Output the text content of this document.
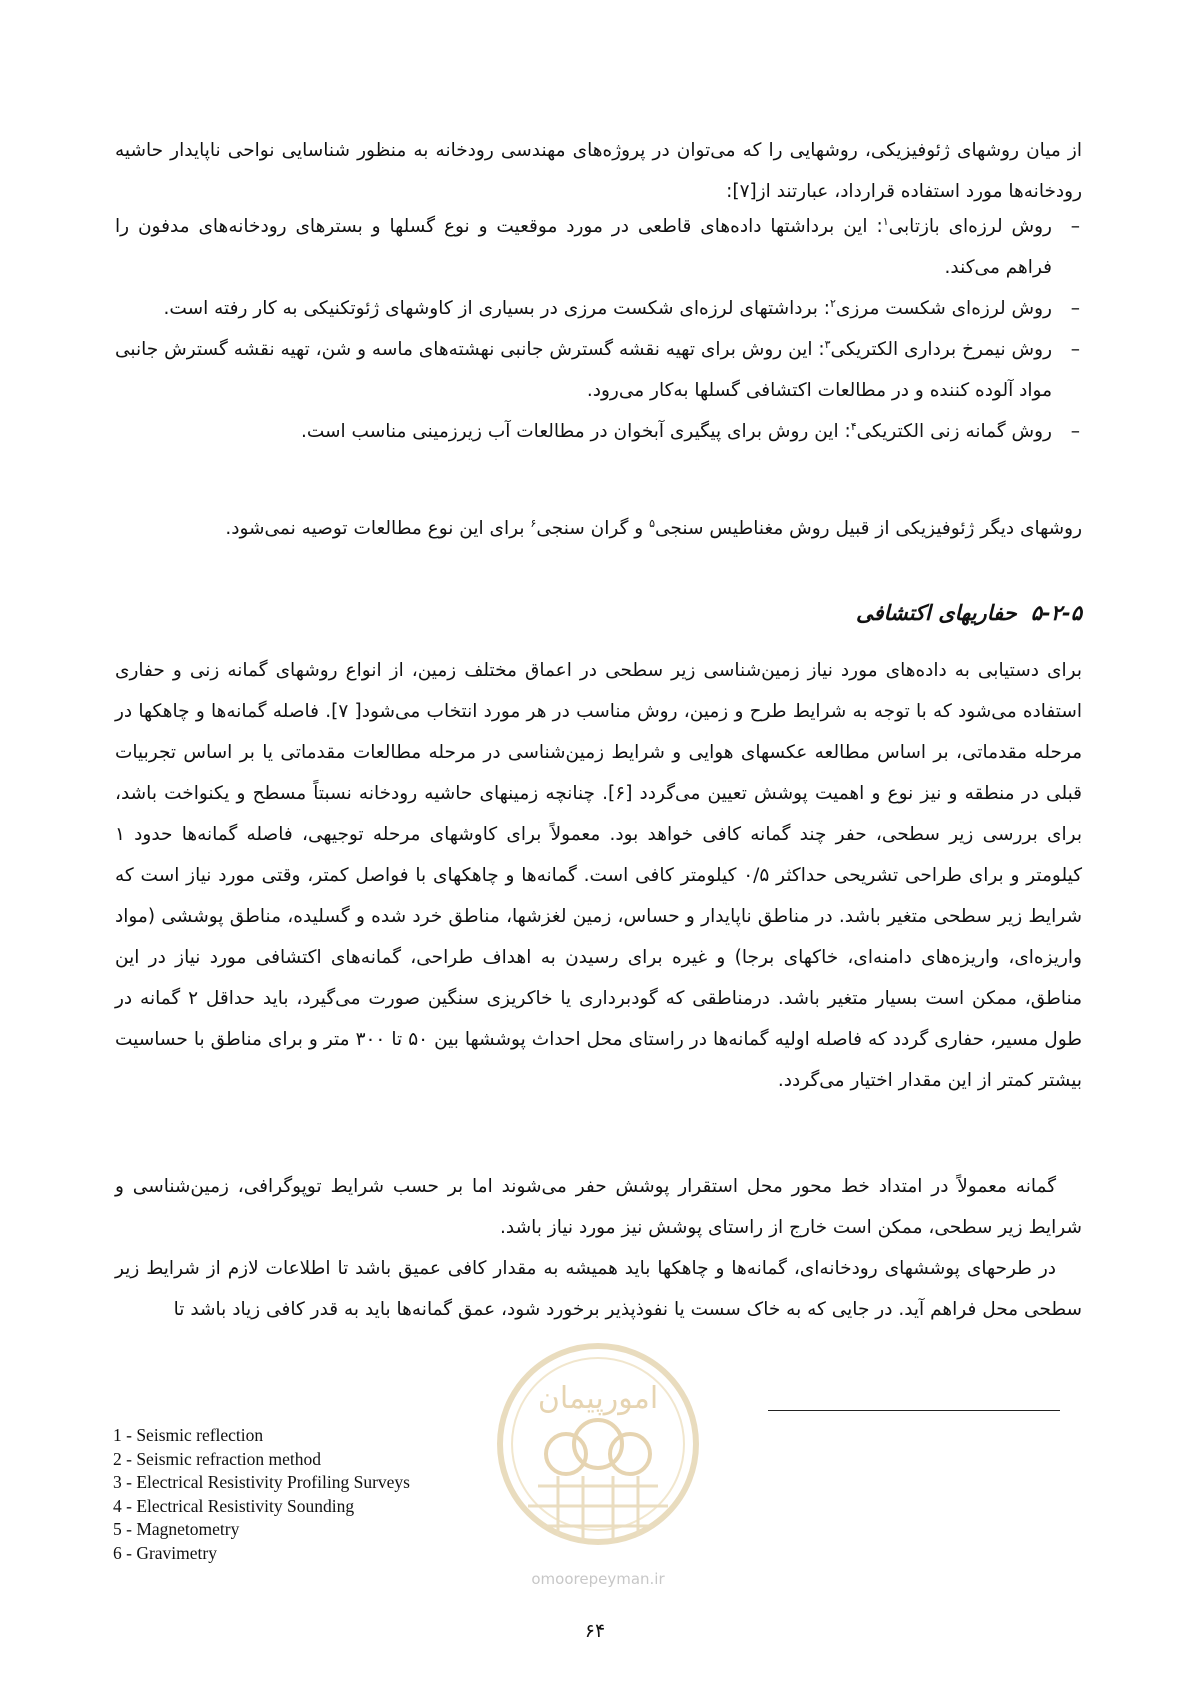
از میان روشهای ژئوفیزیکی، روشهایی را که می‌توان در پروژه‌های مهندسی رودخانه به منظور شناسایی نواحی ناپایدار حاشیه رودخانه‌ها مورد استفاده قرارداد، عبارتند از[۷]:

–
روش لرزه‌ای بازتابی$^۱$: این برداشتها داده‌های قاطعی در مورد موقعیت و نوع گسلها و بسترهای رودخانه‌های مدفون را فراهم می‌کند.
–
روش لرزه‌ای شکست مرزی$^۲$: برداشتهای لرزه‌ای شکست مرزی در بسیاری از کاوشهای ژئوتکنیکی به کار رفته است.
–
روش نیمرخ برداری الکتریکی$^۳$: این روش برای تهیه نقشه گسترش جانبی نهشته‌های ماسه و شن، تهیه نقشه گسترش جانبی مواد آلوده کننده و در مطالعات اکتشافی گسلها به‌کار می‌رود.
–
روش گمانه زنی الکتریکی$^۴$: این روش برای پیگیری آبخوان در مطالعات آب زیرزمینی مناسب است.

روشهای دیگر ژئوفیزیکی از قبیل روش مغناطیس سنجی$^۵$ و گران سنجی$^۶$ برای این نوع مطالعات توصیه نمی‌شود.

۵-۲-۵حفاریهای اکتشافی

برای دستیابی به داده‌های مورد نیاز زمین‌شناسی زیر سطحی در اعماق مختلف زمین، از انواع روشهای گمانه زنی و حفاری استفاده می‌شود که با توجه به شرایط طرح و زمین، روش مناسب در هر مورد انتخاب می‌شود[ ۷]. فاصله گمانه‌ها و چاهکها در مرحله مقدماتی، بر اساس مطالعه عکسهای هوایی و شرایط زمین‌شناسی در مرحله مطالعات مقدماتی یا بر اساس تجربیات قبلی در منطقه و نیز نوع و اهمیت پوشش تعیین می‌گردد [۶]. چنانچه زمینهای حاشیه رودخانه نسبتاً مسطح و یکنواخت باشد، برای بررسی زیر سطحی، حفر چند گمانه کافی خواهد بود. معمولاً برای کاوشهای مرحله توجیهی، فاصله گمانه‌ها حدود ۱ کیلومتر و برای طراحی تشریحی حداکثر ۰/۵ کیلومتر کافی است. گمانه‌ها و چاهکهای با فواصل کمتر، وقتی مورد نیاز است که شرایط زیر سطحی متغیر باشد. در مناطق ناپایدار و حساس، زمین لغزشها، مناطق خرد شده و گسلیده، مناطق پوششی (مواد واریزه‌ای، واریزه‌های دامنه‌ای، خاکهای برجا) و غیره برای رسیدن به اهداف طراحی، گمانه‌های اکتشافی مورد نیاز در این مناطق، ممکن است بسیار متغیر باشد. درمناطقی که گودبرداری یا خاکریزی سنگین صورت می‌گیرد، باید حداقل ۲ گمانه در طول مسیر، حفاری گردد که فاصله اولیه گمانه‌ها در راستای محل احداث پوششها بین ۵۰ تا ۳۰۰ متر و برای مناطق با حساسیت بیشتر کمتر از این مقدار اختیار می‌گردد.

گمانه معمولاً در امتداد خط محور محل استقرار پوشش حفر می‌شوند اما بر حسب شرایط توپوگرافی، زمین‌شناسی و شرایط زیر سطحی، ممکن است خارج از راستای پوشش نیز مورد نیاز باشد.

در طرحهای پوششهای رودخانه‌ای، گمانه‌ها و چاهکها باید همیشه به مقدار کافی عمیق باشد تا اطلاعات لازم از شرایط زیر سطحی محل فراهم آید. در جایی که به خاک سست یا نفوذپذیر برخورد شود، عمق گمانه‌ها باید به قدر کافی زیاد باشد تا

1 - Seismic reflection
2 - Seismic refraction method
3 - Electrical Resistivity Profiling Surveys
4 - Electrical Resistivity Sounding
5 - Magnetometry
6 - Gravimetry
امورپیمان
omoorepeyman.ir
۶۴
